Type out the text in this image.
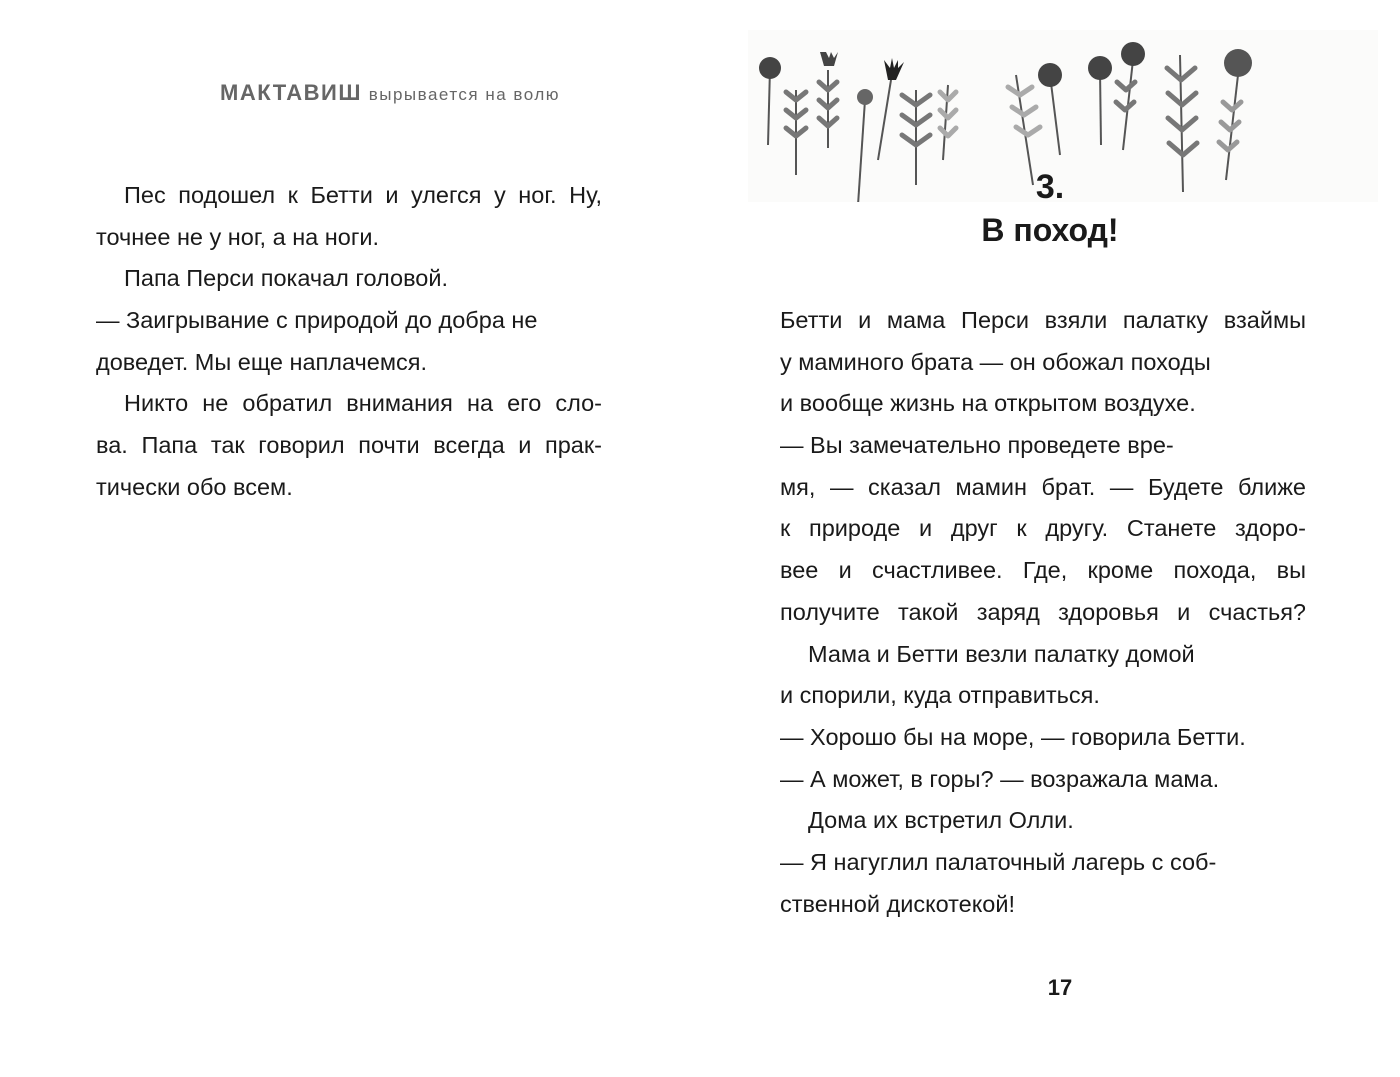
МАКТАВИШ вырывается на волю
Пес подошел к Бетти и улегся у ног. Ну,
точнее не у ног, а на ноги.
Папа Перси покачал головой.
— Заигрывание с природой до добра не
доведет. Мы еще наплачемся.
Никто не обратил внимания на его сло-
ва. Папа так говорил почти всегда и прак-
тически обо всем.
3.
В поход!
Бетти и мама Перси взяли палатку взаймы
у маминого брата — он обожал походы
и вообще жизнь на открытом воздухе.
— Вы замечательно проведете вре-
мя, — сказал мамин брат. — Будете ближе
к природе и друг к другу. Станете здоро-
вее и счастливее. Где, кроме похода, вы
получите такой заряд здоровья и счастья?
Мама и Бетти везли палатку домой
и спорили, куда отправиться.
— Хорошо бы на море, — говорила Бетти.
— А может, в горы? — возражала мама.
Дома их встретил Олли.
— Я нагуглил палаточный лагерь с соб-
ственной дискотекой!
17
